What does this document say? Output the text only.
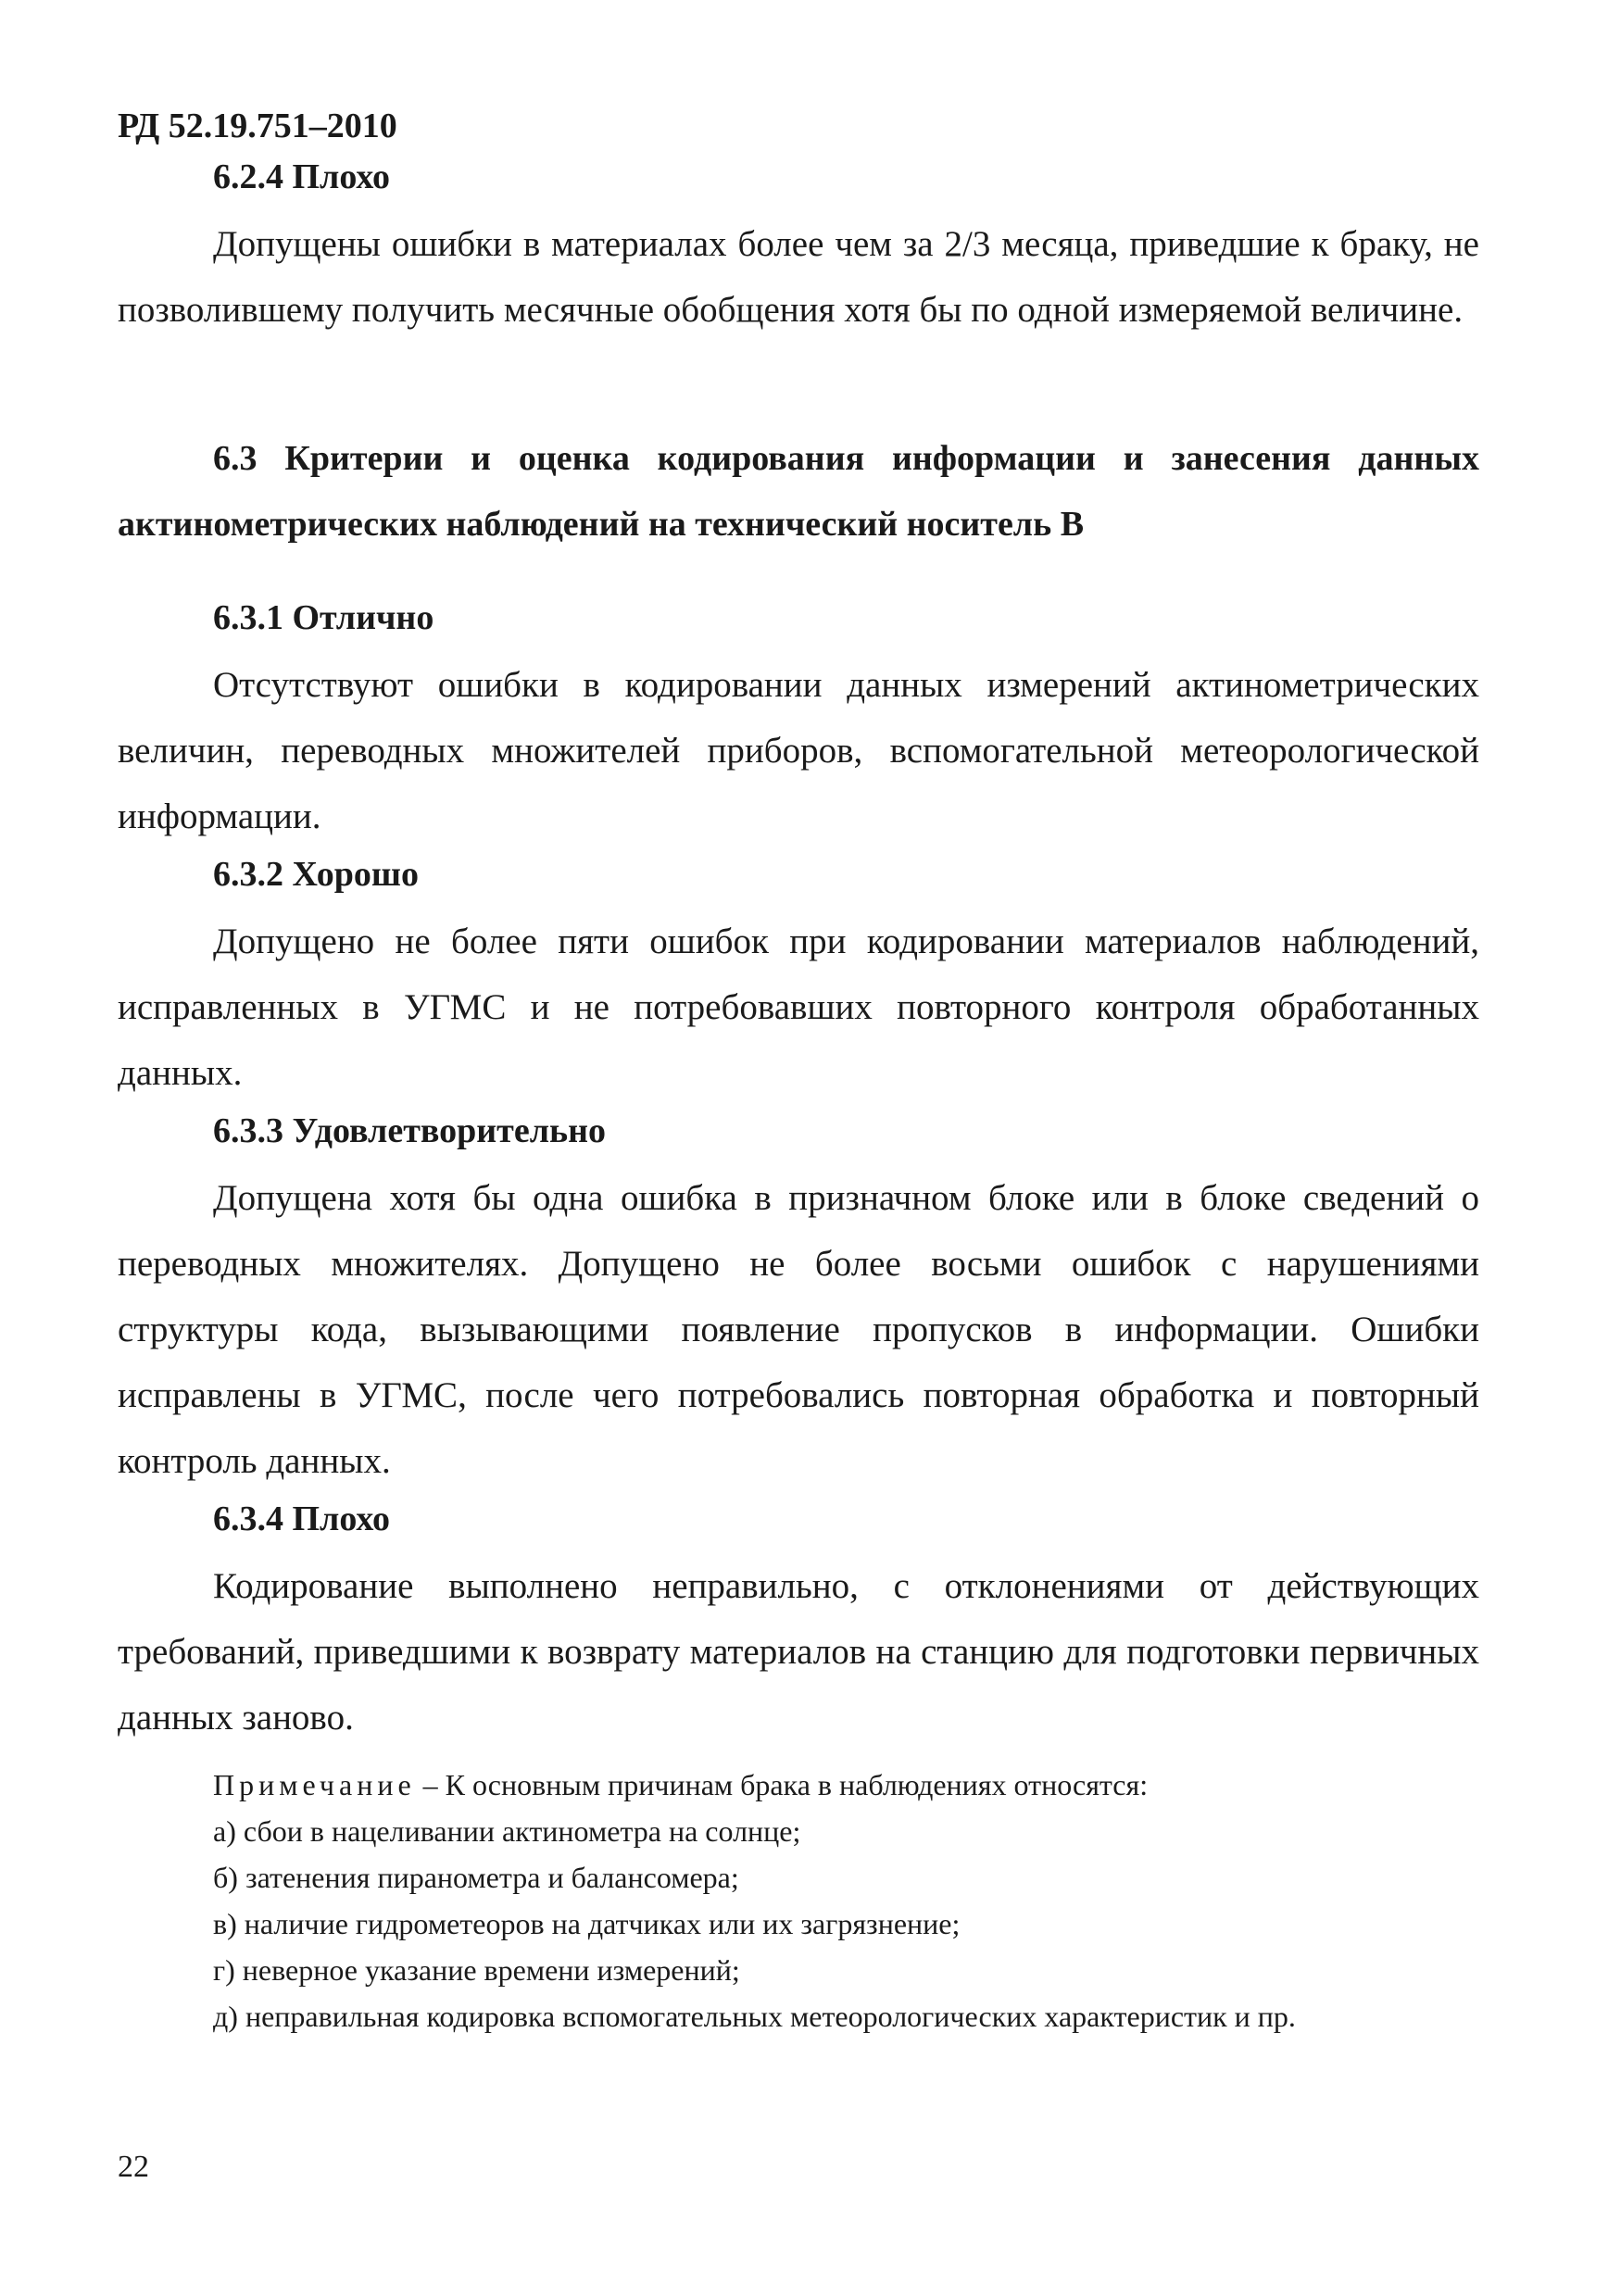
РД 52.19.751–2010

6.2.4 Плохо

Допущены ошибки в материалах более чем за 2/3 месяца, приведшие к браку, не позволившему получить месячные обобщения хотя бы по одной измеряемой величине.

6.3 Критерии и оценка кодирования информации и занесения данных актинометрических наблюдений на технический носитель В

6.3.1 Отлично

Отсутствуют ошибки в кодировании данных измерений актинометрических величин, переводных множителей приборов, вспомогательной метеорологической информации.

6.3.2 Хорошо

Допущено не более пяти ошибок при кодировании материалов наблюдений, исправленных в УГМС и не потребовавших повторного контроля обработанных данных.

6.3.3 Удовлетворительно

Допущена хотя бы одна ошибка в призначном блоке или в блоке сведений о переводных множителях. Допущено не более восьми ошибок с нарушениями структуры кода, вызывающими появление пропусков в информации. Ошибки исправлены в УГМС, после чего потребовались повторная обработка и повторный контроль данных.

6.3.4 Плохо

Кодирование выполнено неправильно, с отклонениями от действующих требований, приведшими к возврату материалов на станцию для подготовки первичных данных заново.

Примечание – К основным причинам брака в наблюдениях относятся:

а) сбои в нацеливании актинометра на солнце;

б) затенения пиранометра и балансомера;

в) наличие гидрометеоров на датчиках или их загрязнение;

г) неверное указание времени измерений;

д) неправильная кодировка вспомогательных метеорологических характеристик и пр.

22
